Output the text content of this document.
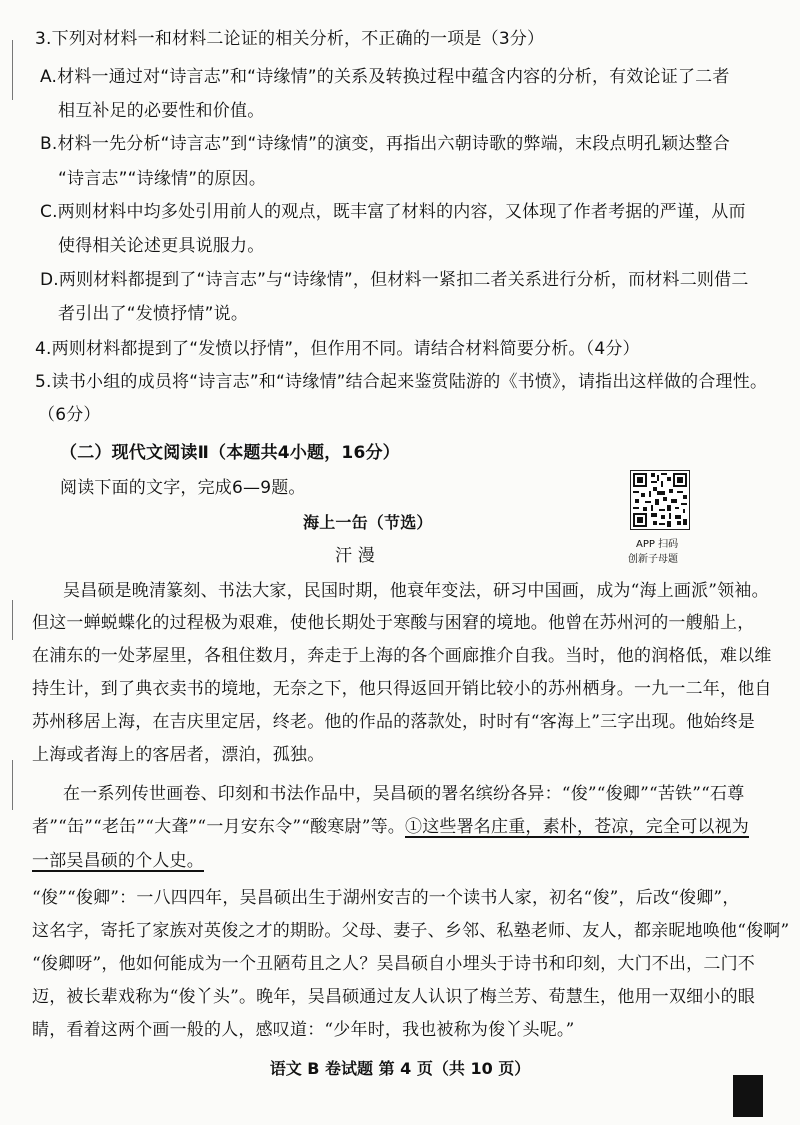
3.下列对材料一和材料二论证的相关分析，不正确的一项是（3分）
A.材料一通过对“诗言志”和“诗缘情”的关系及转换过程中蕴含内容的分析，有效论证了二者
相互补足的必要性和价值。
B.材料一先分析“诗言志”到“诗缘情”的演变，再指出六朝诗歌的弊端，末段点明孔颖达整合
“诗言志”“诗缘情”的原因。
C.两则材料中均多处引用前人的观点，既丰富了材料的内容，又体现了作者考据的严谨，从而
使得相关论述更具说服力。
D.两则材料都提到了“诗言志”与“诗缘情”，但材料一紧扣二者关系进行分析，而材料二则借二
者引出了“发愤抒情”说。
4.两则材料都提到了“发愤以抒情”，但作用不同。请结合材料简要分析。（4分）
5.读书小组的成员将“诗言志”和“诗缘情”结合起来鉴赏陆游的《书愤》，请指出这样做的合理性。
（6分）
（二）现代文阅读Ⅱ（本题共4小题，16分）
阅读下面的文字，完成6—9题。
APP 扫码
创新子母题
海上一缶（节选）
汗 漫
吴昌硕是晚清篆刻、书法大家，民国时期，他衰年变法，研习中国画，成为“海上画派”领袖。
但这一蝉蜕蝶化的过程极为艰难，使他长期处于寒酸与困窘的境地。他曾在苏州河的一艘船上，
在浦东的一处茅屋里，各租住数月，奔走于上海的各个画廊推介自我。当时，他的润格低，难以维
持生计，到了典衣卖书的境地，无奈之下，他只得返回开销比较小的苏州栖身。一九一二年，他自
苏州移居上海，在吉庆里定居，终老。他的作品的落款处，时时有“客海上”三字出现。他始终是
上海或者海上的客居者，漂泊，孤独。
在一系列传世画卷、印刻和书法作品中，吴昌硕的署名缤纷各异：“俊”“俊卿”“苦铁”“石尊
者”“缶”“老缶”“大聋”“一月安东令”“酸寒尉”等。①这些署名庄重，素朴，苍凉，完全可以视为
一部吴昌硕的个人史。
“俊”“俊卿”：一八四四年，吴昌硕出生于湖州安吉的一个读书人家，初名“俊”，后改“俊卿”，
这名字，寄托了家族对英俊之才的期盼。父母、妻子、乡邻、私塾老师、友人，都亲昵地唤他“俊啊”
“俊卿呀”，他如何能成为一个丑陋苟且之人？吴昌硕自小埋头于诗书和印刻，大门不出，二门不
迈，被长辈戏称为“俊丫头”。晚年，吴昌硕通过友人认识了梅兰芳、荀慧生，他用一双细小的眼
睛，看着这两个画一般的人，感叹道：“少年时，我也被称为俊丫头呢。”
语文 B 卷试题 第 4 页（共 10 页）
